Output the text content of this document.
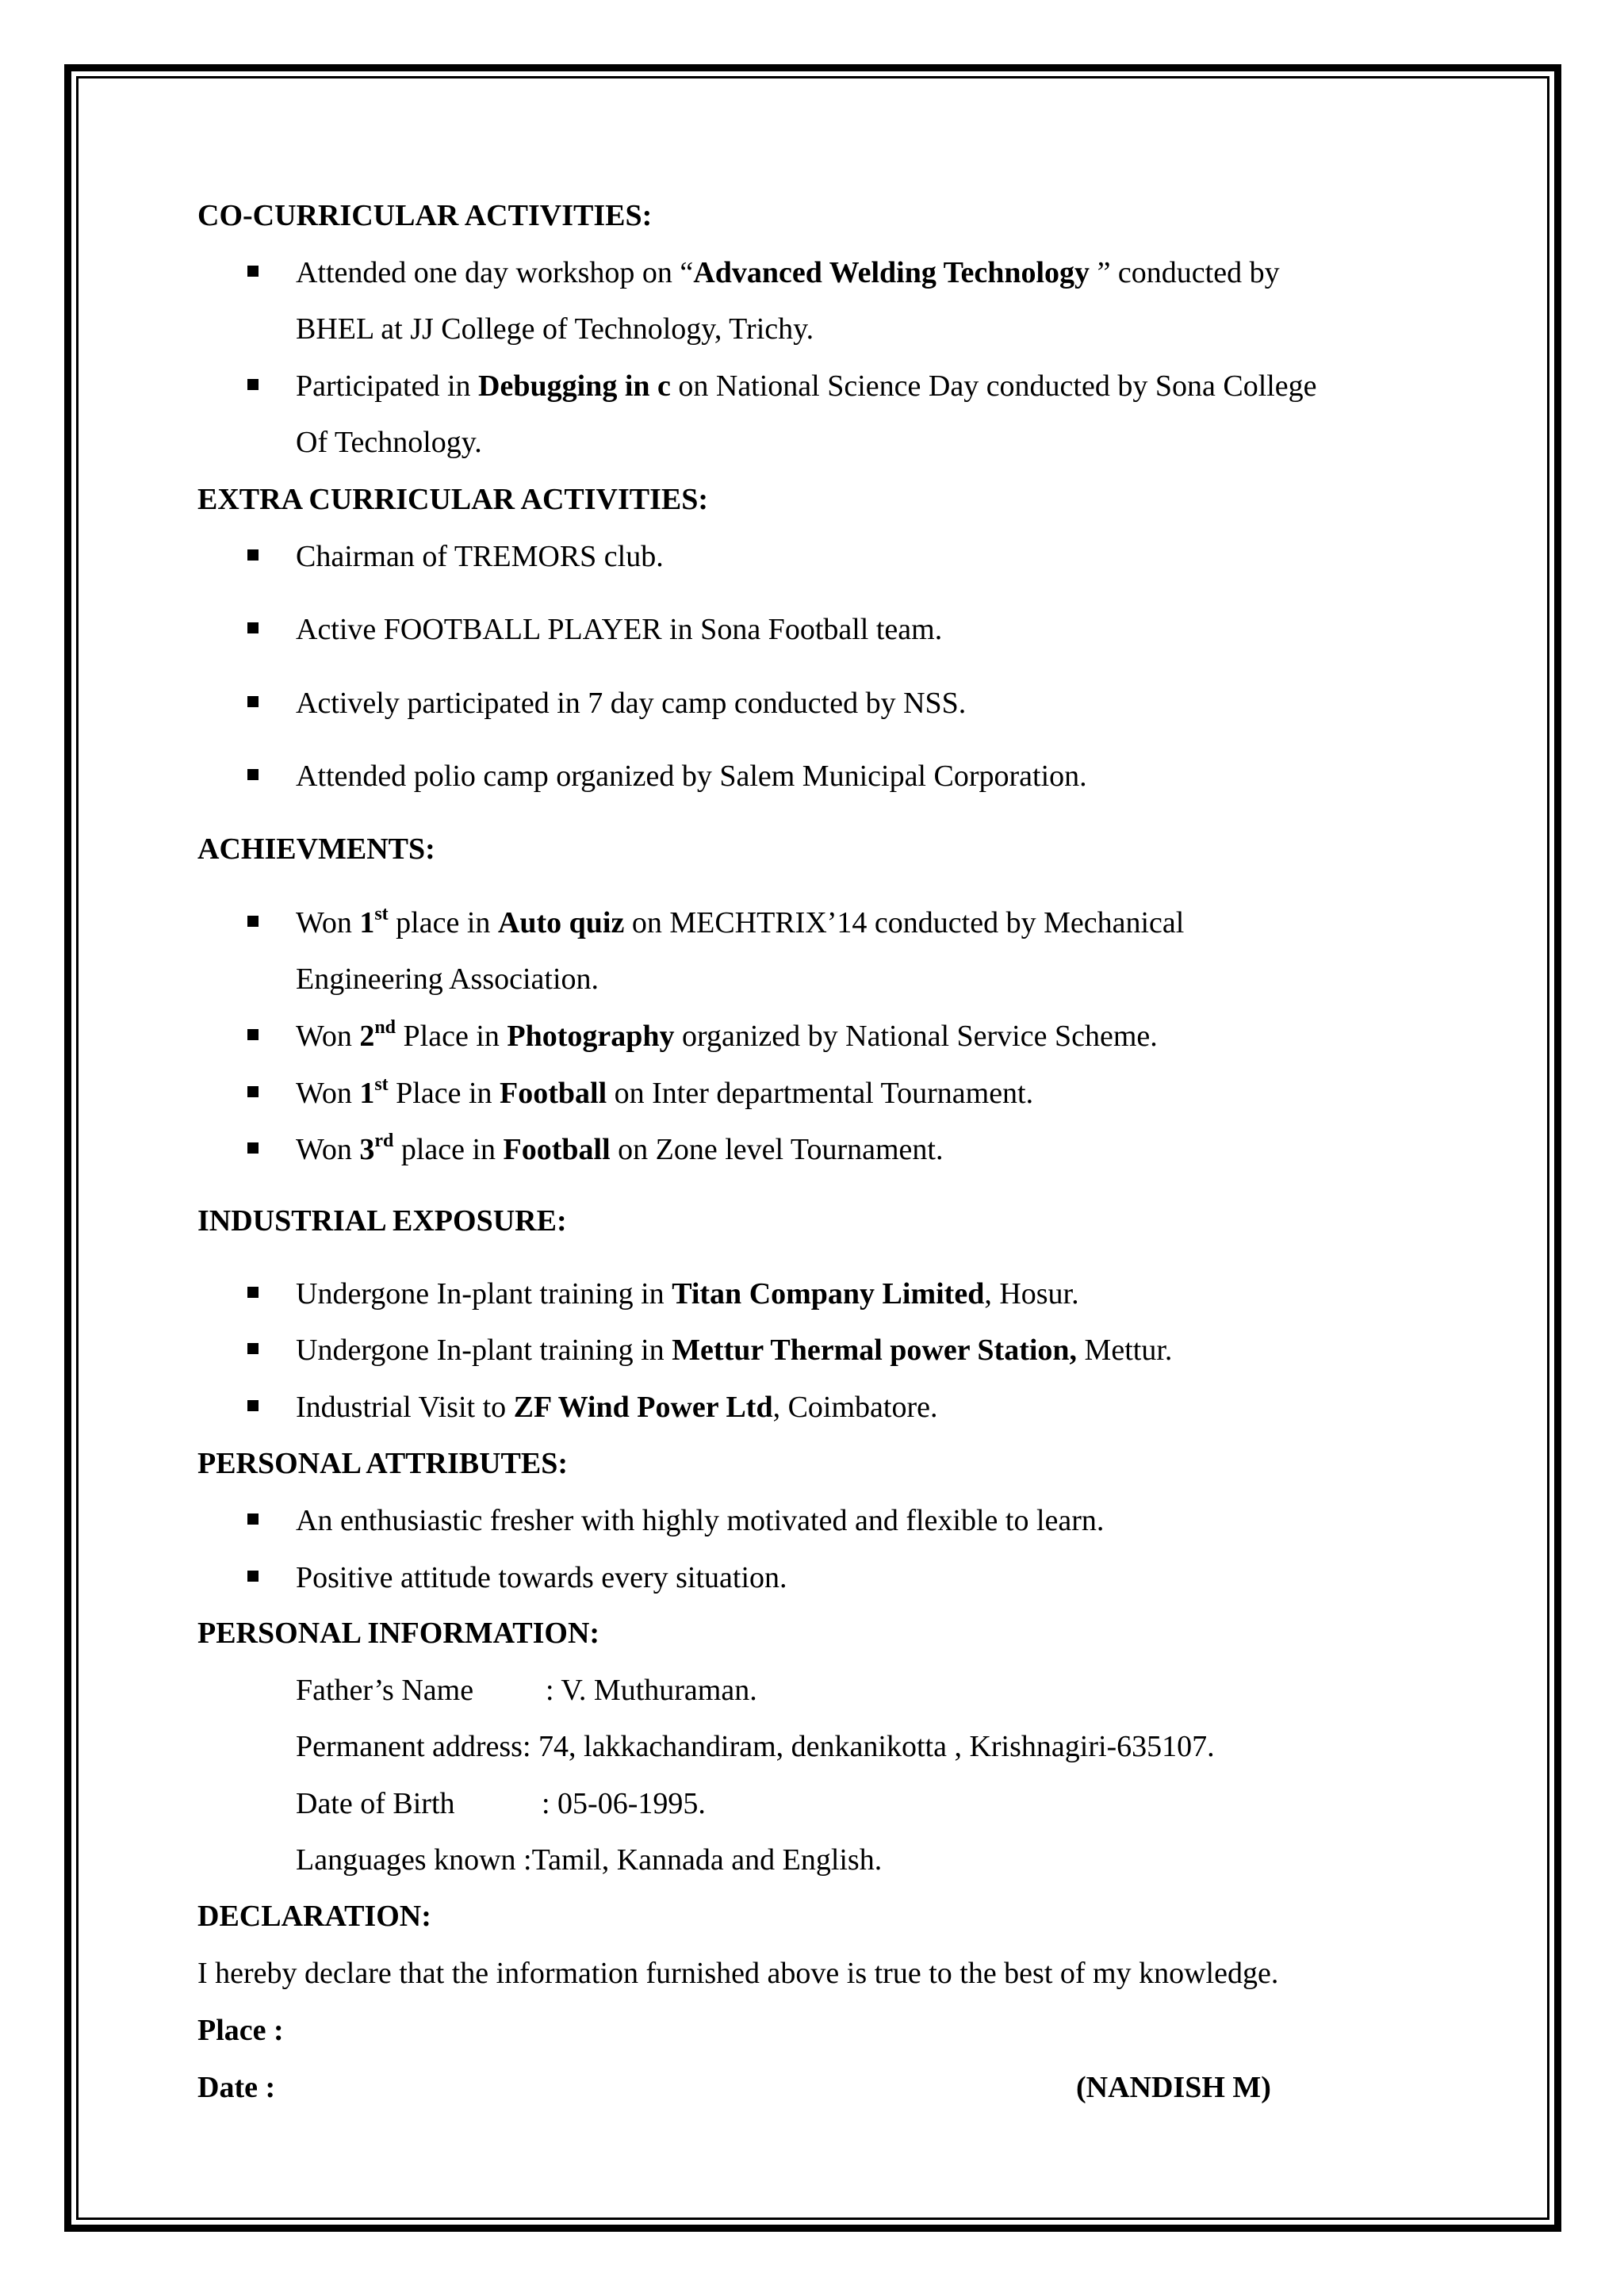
CO-CURRICULAR ACTIVITIES:
Attended one day workshop on “Advanced Welding Technology ” conducted by
BHEL at JJ College of Technology, Trichy.
Participated in Debugging in c on National Science Day conducted by Sona College
Of Technology.
EXTRA CURRICULAR ACTIVITIES:
Chairman of TREMORS club.
Active FOOTBALL PLAYER in Sona Football team.
Actively participated in 7 day camp conducted by NSS.
Attended polio camp organized by Salem Municipal Corporation.
ACHIEVMENTS:
Won 1st place in Auto quiz on MECHTRIX’14 conducted by Mechanical
Engineering Association.
Won 2nd Place in Photography organized by National Service Scheme.
Won 1st Place in Football on Inter departmental Tournament.
Won 3rd place in Football on Zone level Tournament.
INDUSTRIAL EXPOSURE:
Undergone In-plant training in Titan Company Limited, Hosur.
Undergone In-plant training in Mettur Thermal power Station, Mettur.
Industrial Visit to ZF Wind Power Ltd, Coimbatore.
PERSONAL ATTRIBUTES:
An enthusiastic fresher with highly motivated and flexible to learn.
Positive attitude towards every situation.
PERSONAL INFORMATION:
Father’s Name : V. Muthuraman.
Permanent address: 74, lakkachandiram, denkanikotta , Krishnagiri-635107.
Date of Birth	: 05-06-1995.
Languages known :Tamil, Kannada and English.
DECLARATION:
I hereby declare that the information furnished above is true to the best of my knowledge.
Place :
Date :	(NANDISH M)
